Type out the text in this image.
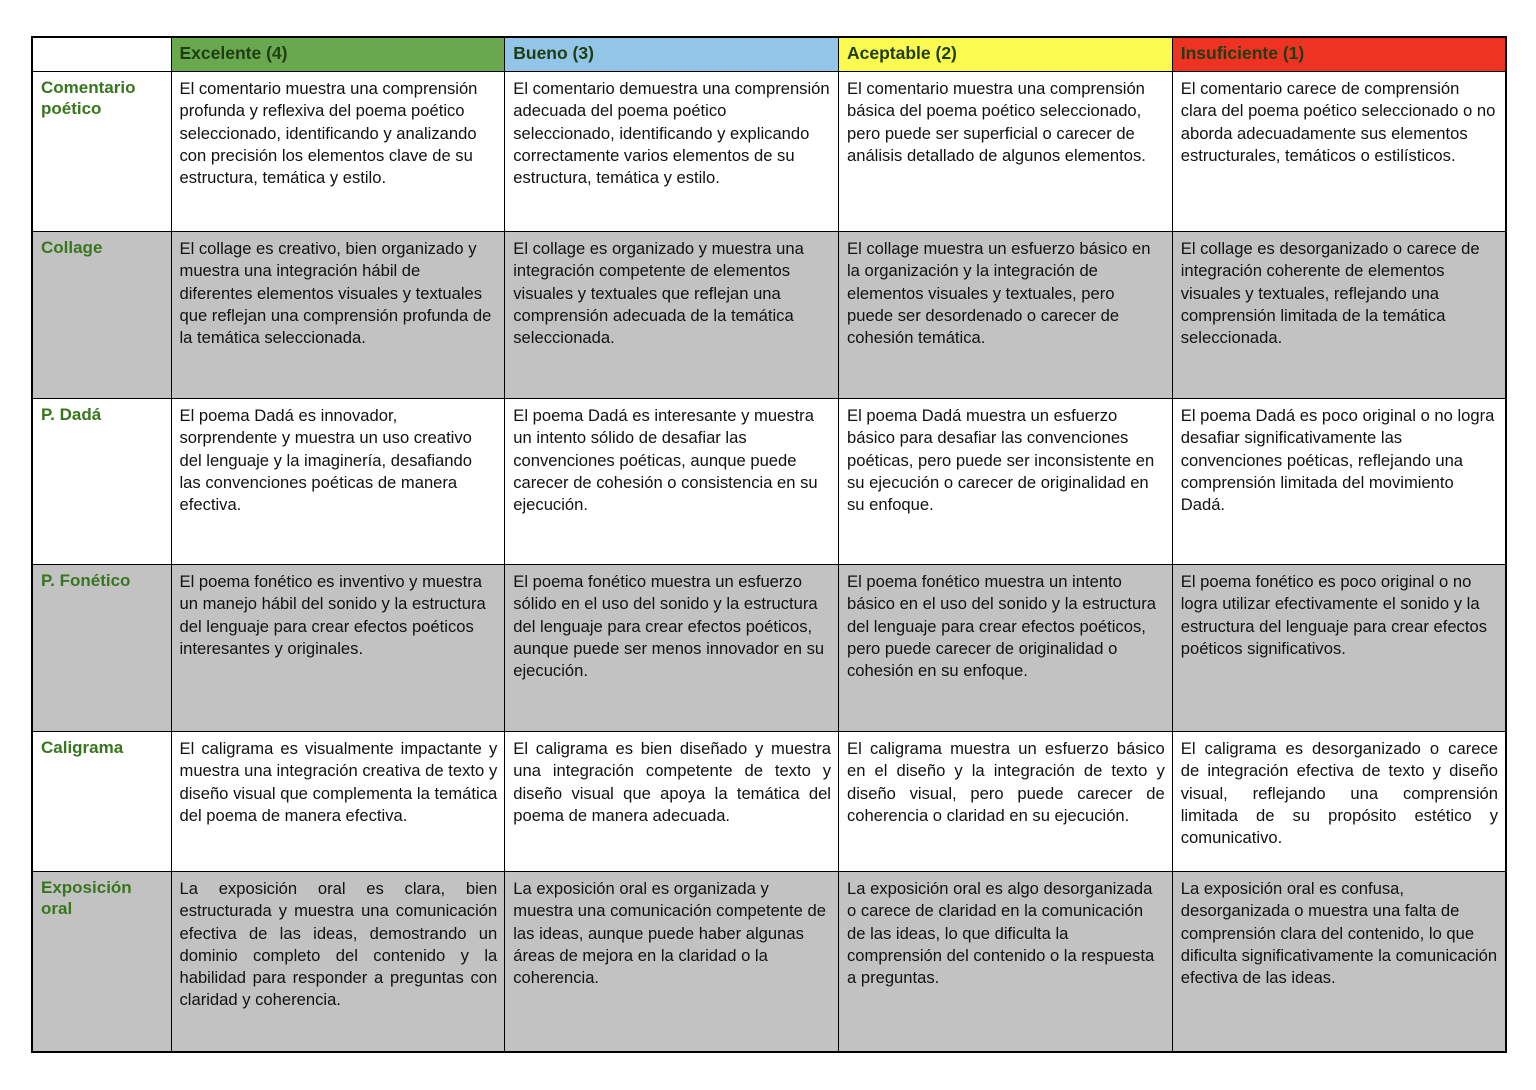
	Excelente (4)	Bueno (3)	Aceptable (2)	Insuficiente (1)
Comentario poético	El comentario muestra una comprensión profunda y reflexiva del poema poético seleccionado, identificando y analizando con precisión los elementos clave de su estructura, temática y estilo.	El comentario demuestra una comprensión adecuada del poema poético seleccionado, identificando y explicando correctamente varios elementos de su estructura, temática y estilo.	El comentario muestra una comprensión básica del poema poético seleccionado, pero puede ser superficial o carecer de análisis detallado de algunos elementos.	El comentario carece de comprensión clara del poema poético seleccionado o no aborda adecuadamente sus elementos estructurales, temáticos o estilísticos.
Collage	El collage es creativo, bien organizado y muestra una integración hábil de diferentes elementos visuales y textuales que reflejan una comprensión profunda de la temática seleccionada.	El collage es organizado y muestra una integración competente de elementos visuales y textuales que reflejan una comprensión adecuada de la temática seleccionada.	El collage muestra un esfuerzo básico en la organización y la integración de elementos visuales y textuales, pero puede ser desordenado o carecer de cohesión temática.	El collage es desorganizado o carece de integración coherente de elementos visuales y textuales, reflejando una comprensión limitada de la temática seleccionada.
P. Dadá	El poema Dadá es innovador, sorprendente y muestra un uso creativo del lenguaje y la imaginería, desafiando las convenciones poéticas de manera efectiva.	El poema Dadá es interesante y muestra un intento sólido de desafiar las convenciones poéticas, aunque puede carecer de cohesión o consistencia en su ejecución.	El poema Dadá muestra un esfuerzo básico para desafiar las convenciones poéticas, pero puede ser inconsistente en su ejecución o carecer de originalidad en su enfoque.	El poema Dadá es poco original o no logra desafiar significativamente las convenciones poéticas, reflejando una comprensión limitada del movimiento Dadá.
P. Fonético	El poema fonético es inventivo y muestra un manejo hábil del sonido y la estructura del lenguaje para crear efectos poéticos interesantes y originales.	El poema fonético muestra un esfuerzo sólido en el uso del sonido y la estructura del lenguaje para crear efectos poéticos, aunque puede ser menos innovador en su ejecución.	El poema fonético muestra un intento básico en el uso del sonido y la estructura del lenguaje para crear efectos poéticos, pero puede carecer de originalidad o cohesión en su enfoque.	El poema fonético es poco original o no logra utilizar efectivamente el sonido y la estructura del lenguaje para crear efectos poéticos significativos.
Caligrama	El caligrama es visualmente impactante y muestra una integración creativa de texto y diseño visual que complementa la temática del poema de manera efectiva.	El caligrama es bien diseñado y muestra una integración competente de texto y diseño visual que apoya la temática del poema de manera adecuada.	El caligrama muestra un esfuerzo básico en el diseño y la integración de texto y diseño visual, pero puede carecer de coherencia o claridad en su ejecución.	El caligrama es desorganizado o carece de integración efectiva de texto y diseño visual, reflejando una comprensión limitada de su propósito estético y comunicativo.
Exposición oral	La exposición oral es clara, bien estructurada y muestra una comunicación efectiva de las ideas, demostrando un dominio completo del contenido y la habilidad para responder a preguntas con claridad y coherencia.	La exposición oral es organizada y muestra una comunicación competente de las ideas, aunque puede haber algunas áreas de mejora en la claridad o la coherencia.	La exposición oral es algo desorganizada o carece de claridad en la comunicación de las ideas, lo que dificulta la comprensión del contenido o la respuesta a preguntas.	La exposición oral es confusa, desorganizada o muestra una falta de comprensión clara del contenido, lo que dificulta significativamente la comunicación efectiva de las ideas.
